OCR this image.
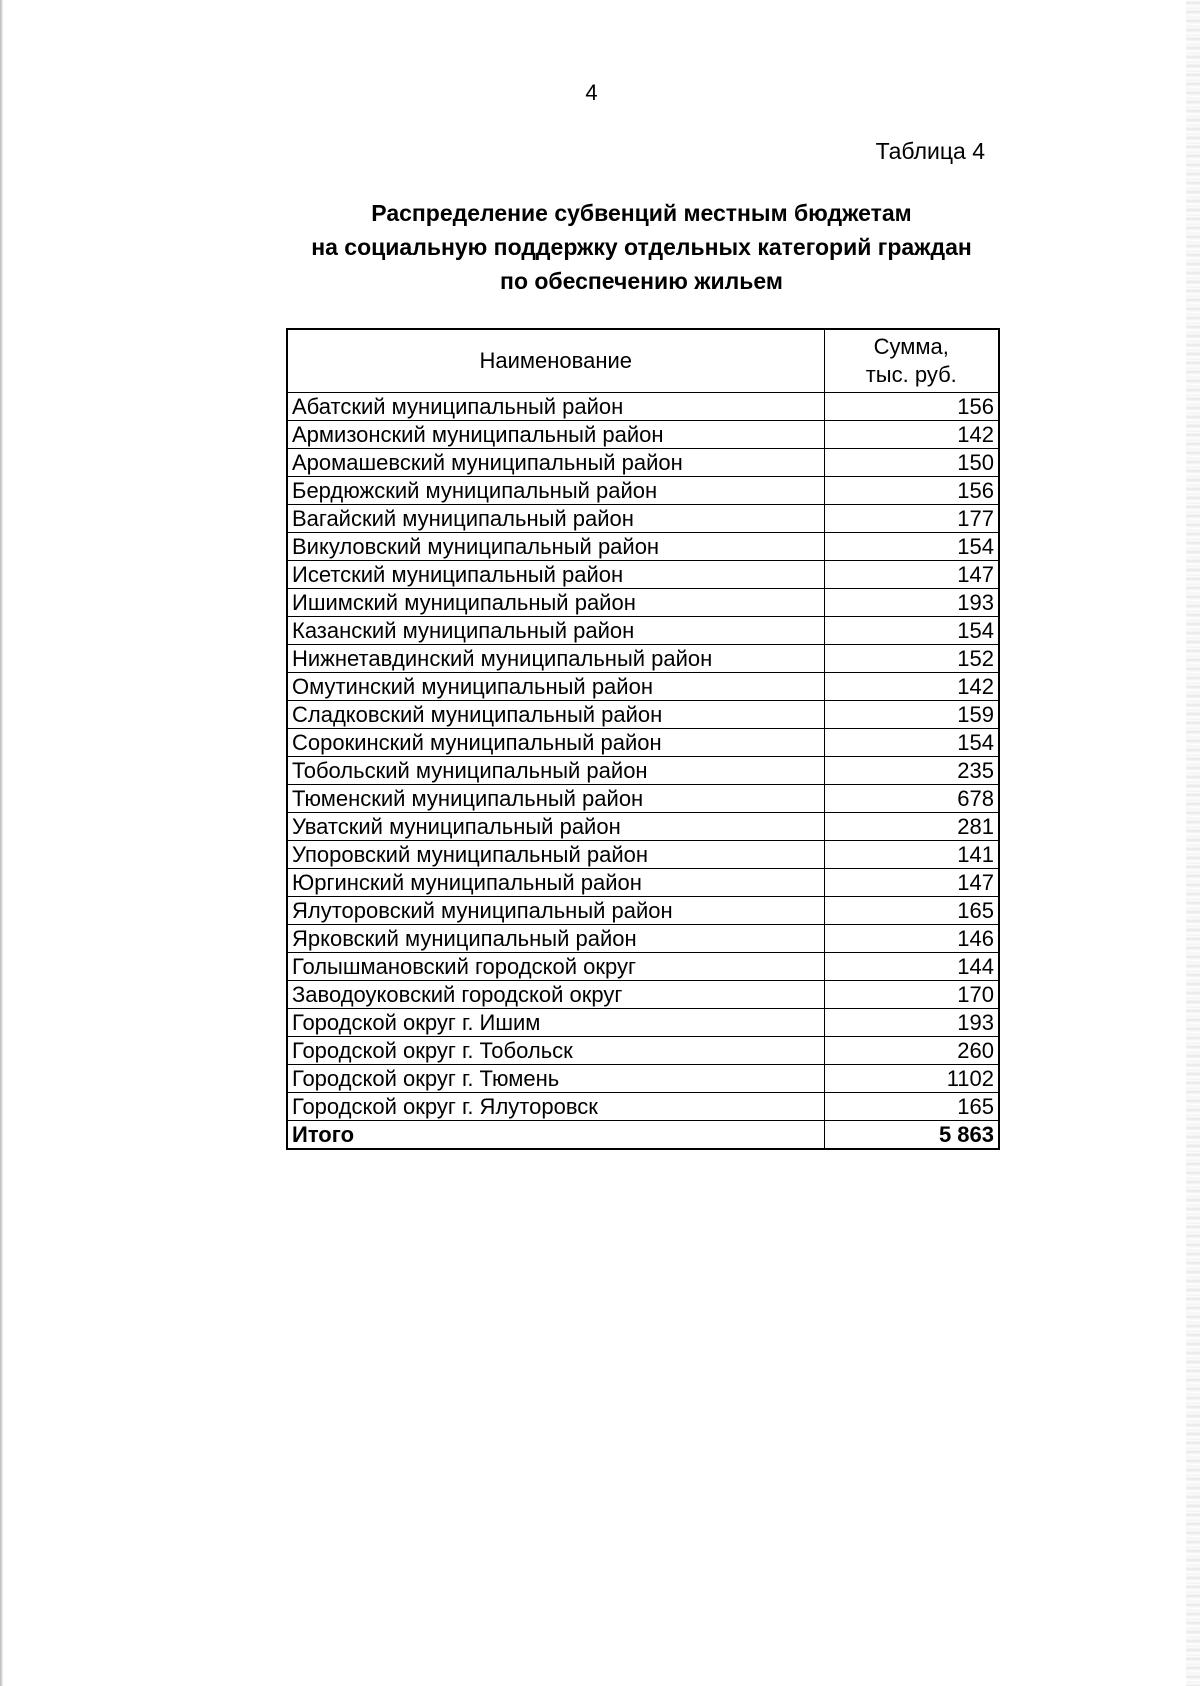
4
Таблица 4
Распределение субвенций местным бюджетам
на социальную поддержку отдельных категорий граждан
по обеспечению жильем
Наименование	Сумма,
тыс. руб.

Абатский муниципальный район	156
Армизонский муниципальный район	142
Аромашевский муниципальный район	150
Бердюжский муниципальный район	156
Вагайский муниципальный район	177
Викуловский муниципальный район	154
Исетский муниципальный район	147
Ишимский муниципальный район	193
Казанский муниципальный район	154
Нижнетавдинский муниципальный район	152
Омутинский муниципальный район	142
Сладковский муниципальный район	159
Сорокинский муниципальный район	154
Тобольский муниципальный район	235
Тюменский муниципальный район	678
Уватский муниципальный район	281
Упоровский муниципальный район	141
Юргинский муниципальный район	147
Ялуторовский муниципальный район	165
Ярковский муниципальный район	146
Голышмановский городской округ	144
Заводоуковский городской округ	170
Городской округ г. Ишим	193
Городской округ г. Тобольск	260
Городской округ г. Тюмень	1102
Городской округ г. Ялуторовск	165
Итого	5 863
